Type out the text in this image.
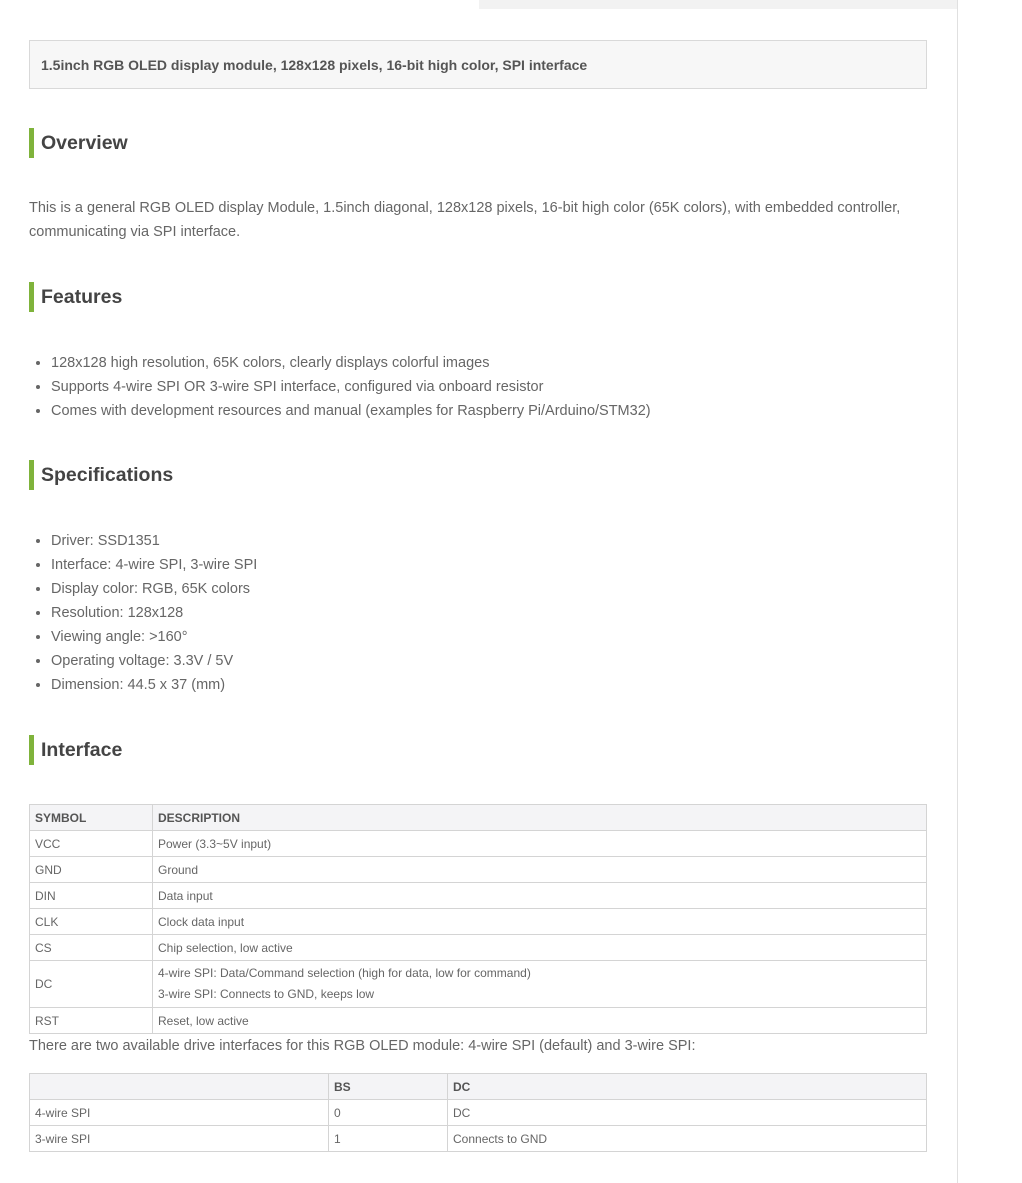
1.5inch RGB OLED display module, 128x128 pixels, 16-bit high color, SPI interface
Overview
This is a general RGB OLED display Module, 1.5inch diagonal, 128x128 pixels, 16-bit high color (65K colors), with embedded controller, communicating via SPI interface.
Features
• 128x128 high resolution, 65K colors, clearly displays colorful images
• Supports 4-wire SPI OR 3-wire SPI interface, configured via onboard resistor
• Comes with development resources and manual (examples for Raspberry Pi/Arduino/STM32)
Specifications
• Driver: SSD1351
• Interface: 4-wire SPI, 3-wire SPI
• Display color: RGB, 65K colors
• Resolution: 128x128
• Viewing angle: >160°
• Operating voltage: 3.3V / 5V
• Dimension: 44.5 x 37 (mm)
Interface
SYMBOL	DESCRIPTION
VCC	Power (3.3~5V input)
GND	Ground
DIN	Data input
CLK	Clock data input
CS	Chip selection, low active
DC	4-wire SPI: Data/Command selection (high for data, low for command)
3-wire SPI: Connects to GND, keeps low

RST	Reset, low active
There are two available drive interfaces for this RGB OLED module: 4-wire SPI (default) and 3-wire SPI:
	BS	DC
4-wire SPI	0	DC
3-wire SPI	1	Connects to GND
